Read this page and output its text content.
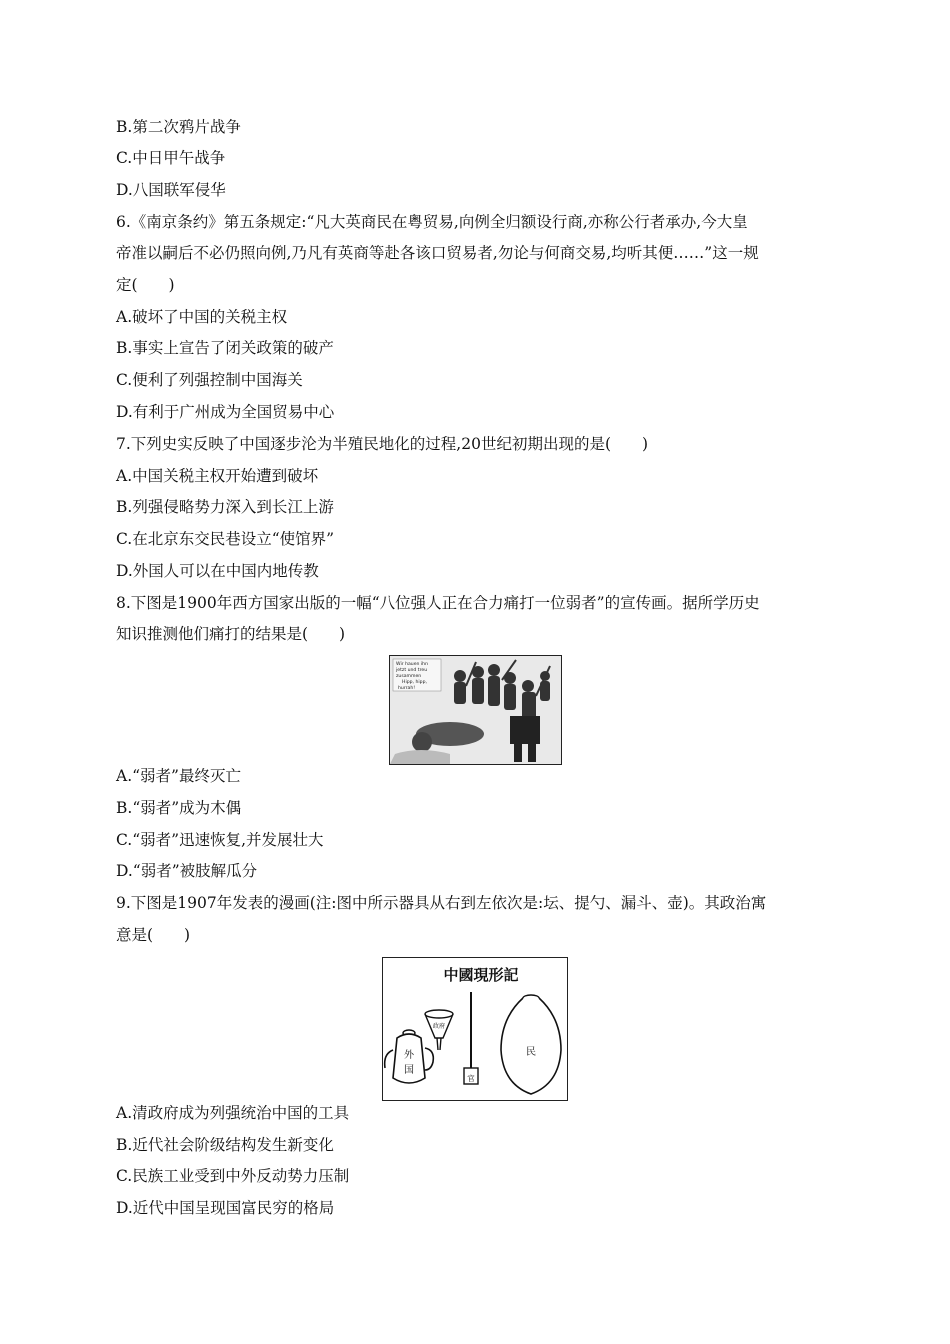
B.第二次鸦片战争
C.中日甲午战争
D.八国联军侵华
6.《南京条约》第五条规定:“凡大英商民在粤贸易,向例全归额设行商,亦称公行者承办,今大皇
帝准以嗣后不必仍照向例,乃凡有英商等赴各该口贸易者,勿论与何商交易,均听其便……”这一规
定(　　)
A.破坏了中国的关税主权
B.事实上宣告了闭关政策的破产
C.便利了列强控制中国海关
D.有利于广州成为全国贸易中心
7.下列史实反映了中国逐步沦为半殖民地化的过程,20世纪初期出现的是(　　)
A.中国关税主权开始遭到破坏
B.列强侵略势力深入到长江上游
C.在北京东交民巷设立“使馆界”
D.外国人可以在中国内地传教
8.下图是1900年西方国家出版的一幅“八位强人正在合力痛打一位弱者”的宣传画。据所学历史
知识推测他们痛打的结果是(　　)
Wir hauen ihn
jetzt und treu
zusammen
Hipp, hipp,
hurrah!
A.“弱者”最终灭亡
B.“弱者”成为木偶
C.“弱者”迅速恢复,并发展壮大
D.“弱者”被肢解瓜分
9.下图是1907年发表的漫画(注:图中所示器具从右到左依次是:坛、提勺、漏斗、壶)。其政治寓
意是(　　)
中國現形記
外
国
政府
官
民
A.清政府成为列强统治中国的工具
B.近代社会阶级结构发生新变化
C.民族工业受到中外反动势力压制
D.近代中国呈现国富民穷的格局
